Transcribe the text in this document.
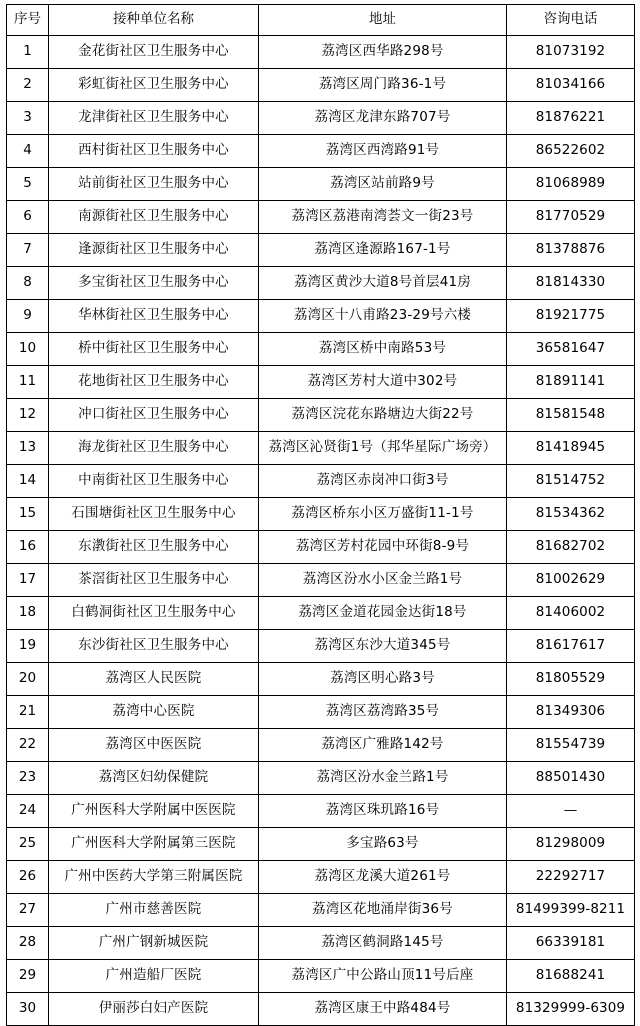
序号	接种单位名称	地址	咨询电话
1	金花街社区卫生服务中心	荔湾区西华路298号	81073192
2	彩虹街社区卫生服务中心	荔湾区周门路36-1号	81034166
3	龙津街社区卫生服务中心	荔湾区龙津东路707号	81876221
4	西村街社区卫生服务中心	荔湾区西湾路91号	86522602
5	站前街社区卫生服务中心	荔湾区站前路9号	81068989
6	南源街社区卫生服务中心	荔湾区荔港南湾荟文一街23号	81770529
7	逢源街社区卫生服务中心	荔湾区逢源路167-1号	81378876
8	多宝街社区卫生服务中心	荔湾区黄沙大道8号首层41房	81814330
9	华林街社区卫生服务中心	荔湾区十八甫路23-29号六楼	81921775
10	桥中街社区卫生服务中心	荔湾区桥中南路53号	36581647
11	花地街社区卫生服务中心	荔湾区芳村大道中302号	81891141
12	冲口街社区卫生服务中心	荔湾区浣花东路塘边大街22号	81581548
13	海龙街社区卫生服务中心	荔湾区沁贤街1号（邦华星际广场旁）	81418945
14	中南街社区卫生服务中心	荔湾区赤岗冲口街3号	81514752
15	石围塘街社区卫生服务中心	荔湾区桥东小区万盛街11-1号	81534362
16	东漖街社区卫生服务中心	荔湾区芳村花园中环街8-9号	81682702
17	茶滘街社区卫生服务中心	荔湾区汾水小区金兰路1号	81002629
18	白鹤洞街社区卫生服务中心	荔湾区金道花园金达街18号	81406002
19	东沙街社区卫生服务中心	荔湾区东沙大道345号	81617617
20	荔湾区人民医院	荔湾区明心路3号	81805529
21	荔湾中心医院	荔湾区荔湾路35号	81349306
22	荔湾区中医医院	荔湾区广雅路142号	81554739
23	荔湾区妇幼保健院	荔湾区汾水金兰路1号	88501430
24	广州医科大学附属中医医院	荔湾区珠玑路16号	—
25	广州医科大学附属第三医院	多宝路63号	81298009
26	广州中医药大学第三附属医院	荔湾区龙溪大道261号	22292717
27	广州市慈善医院	荔湾区花地涌岸街36号	81499399-8211
28	广州广钢新城医院	荔湾区鹤洞路145号	66339181
29	广州造船厂医院	荔湾区广中公路山顶11号后座	81688241
30	伊丽莎白妇产医院	荔湾区康王中路484号	81329999-6309
